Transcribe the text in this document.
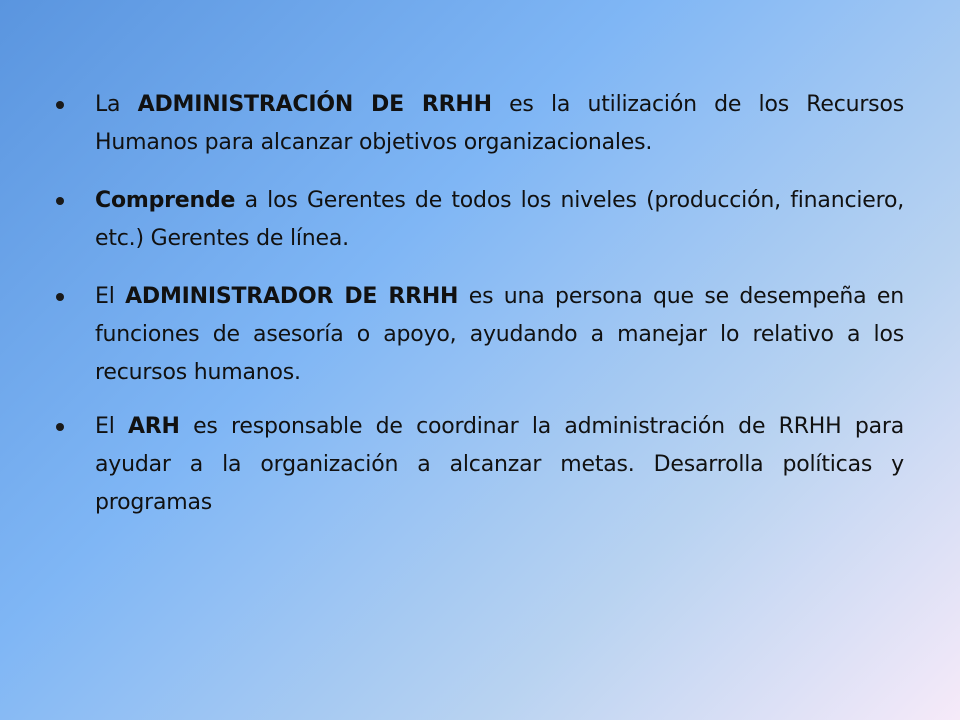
La ADMINISTRACIÓN DE RRHH es la utilización de los Recursos Humanos para alcanzar objetivos organizacionales.
Comprende a los Gerentes de todos los niveles (producción, financiero, etc.) Gerentes de línea.
El ADMINISTRADOR DE RRHH es una persona que se desempeña en funciones de asesoría o apoyo, ayudando a manejar lo relativo a los recursos humanos.
El ARH es responsable de coordinar la administración de RRHH para ayudar a la organización a alcanzar metas. Desarrolla políticas y programas
